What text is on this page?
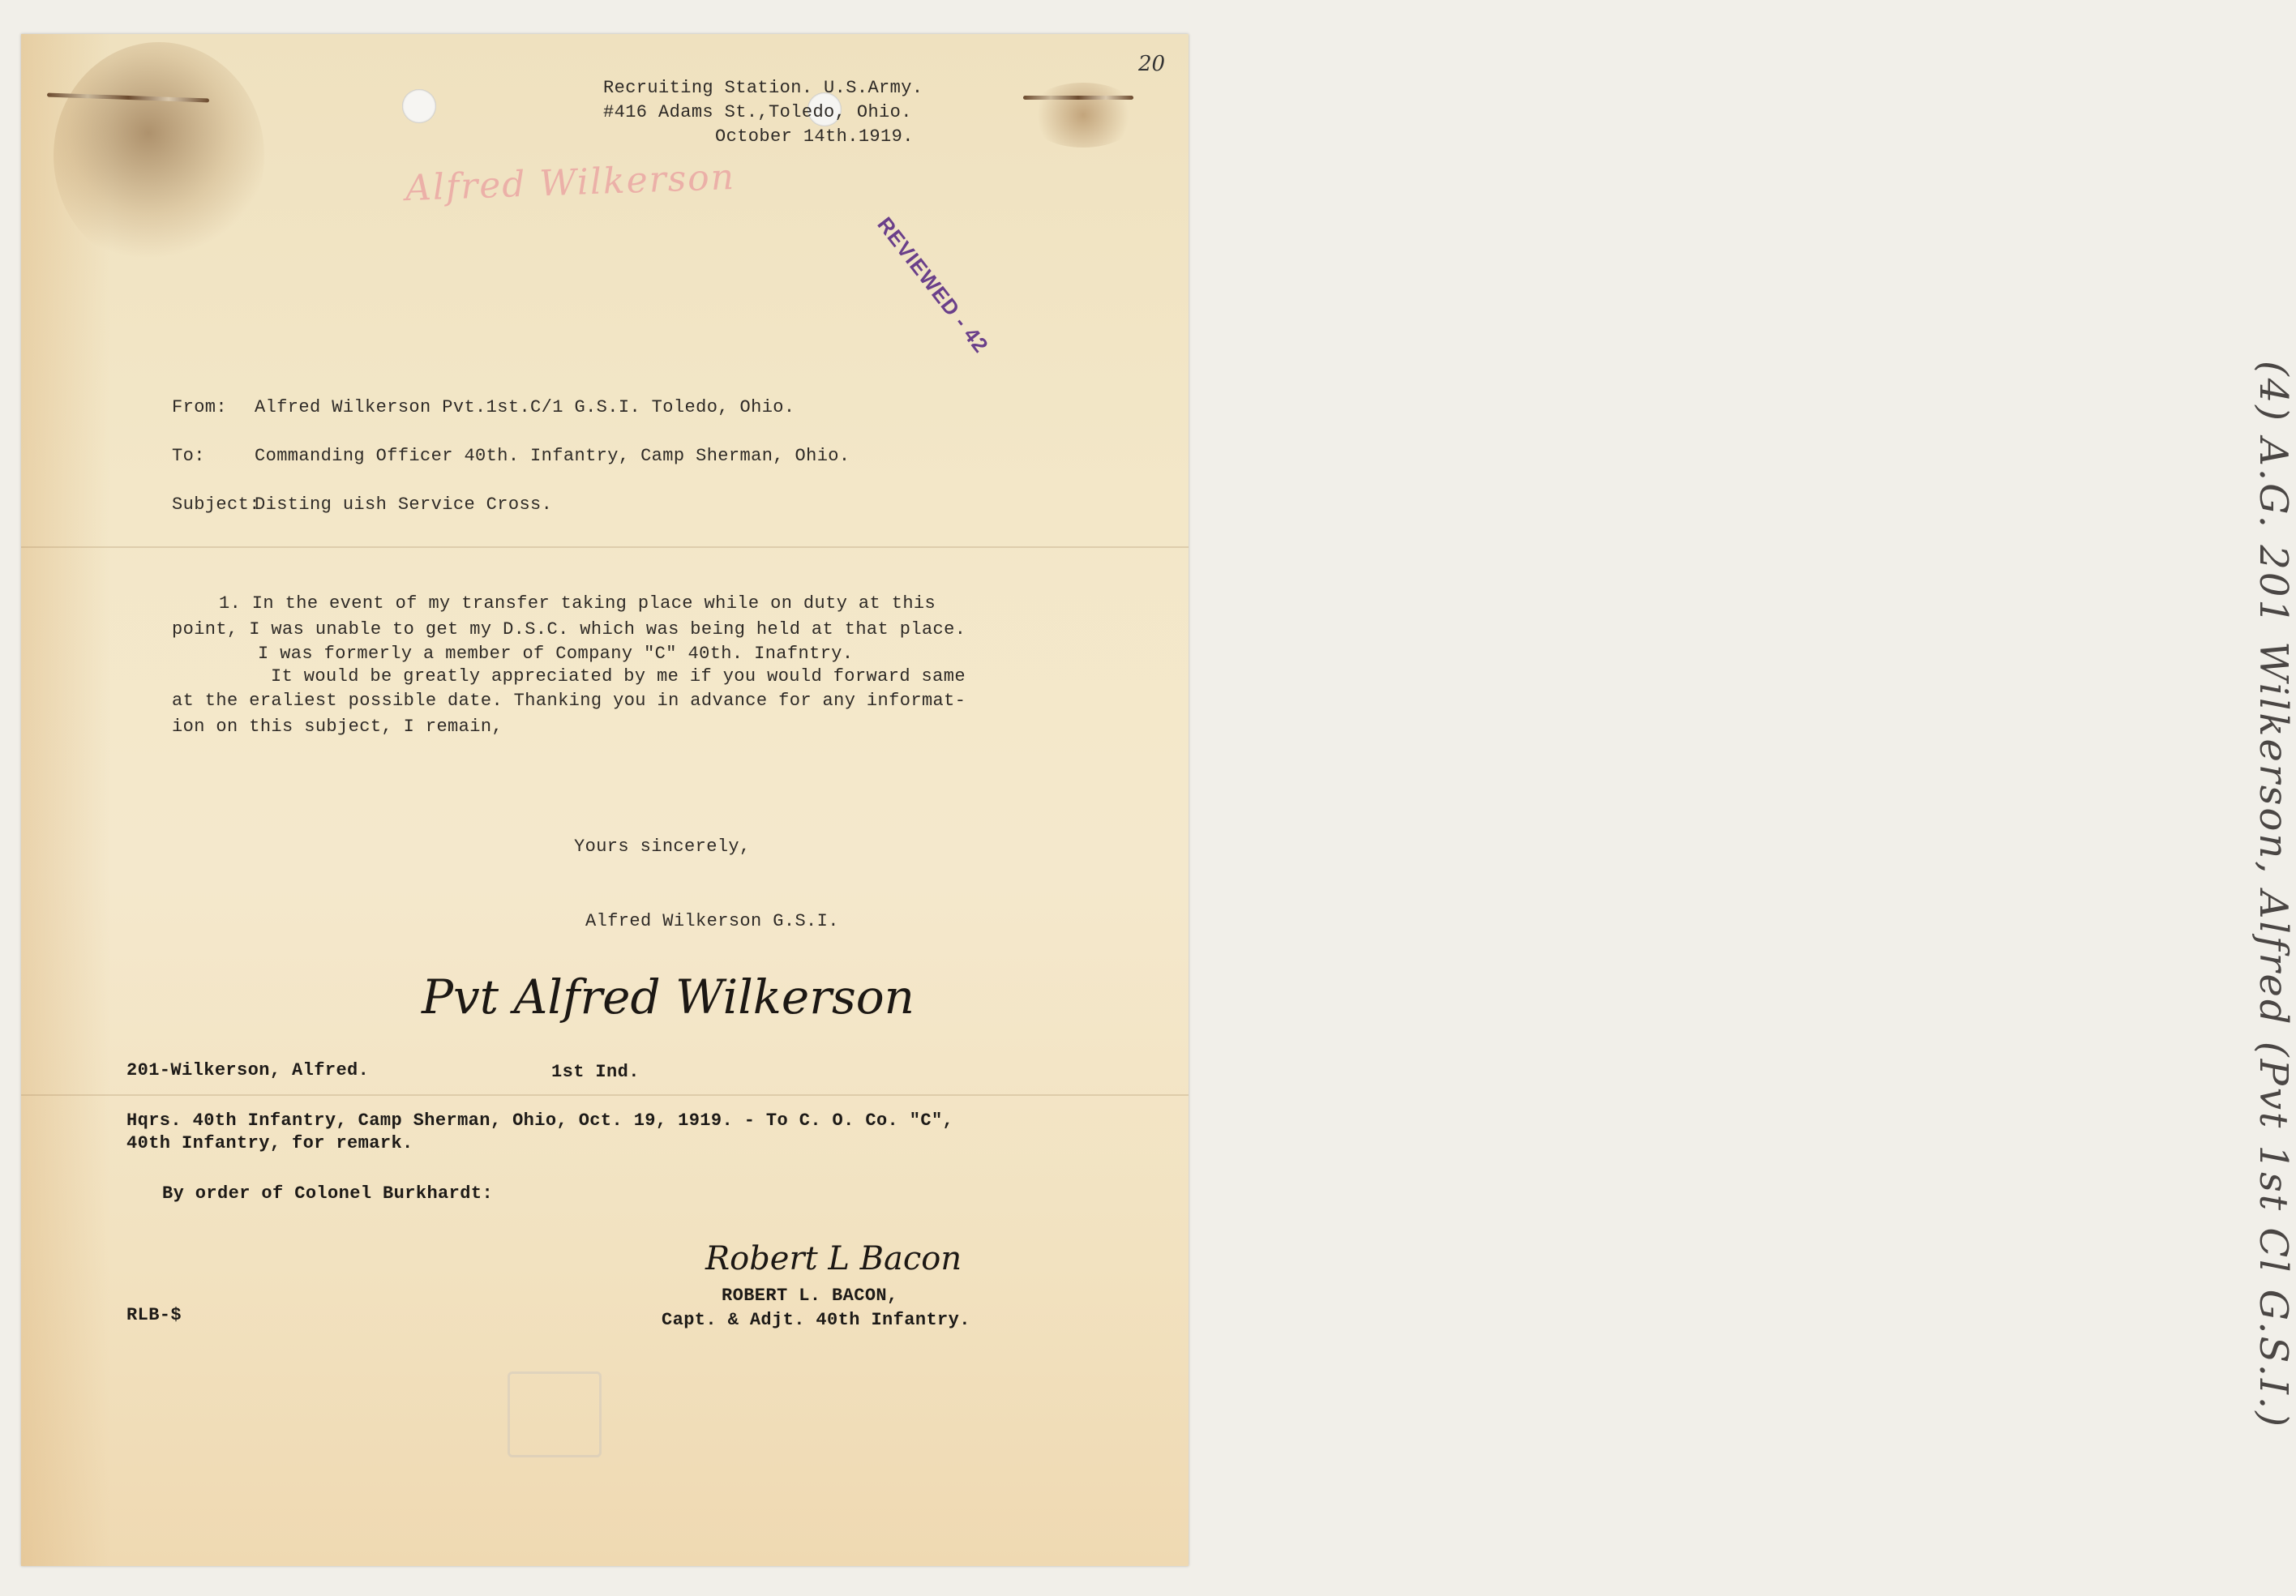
Alfred Wilkerson
REVIEWED - 42
20
Recruiting Station. U.S.Army.
#416 Adams St.,Toledo, Ohio.
October 14th.1919.
From: Alfred Wilkerson Pvt.1st.C/1 G.S.I. Toledo, Ohio.
To:	Commanding Officer 40th. Infantry, Camp Sherman, Ohio.
Subject:Disting uish Service Cross.
1. In the event of my transfer taking place while on duty at this
point, I was unable to get my D.S.C. which was being held at that place.
I was formerly a member of Company "C" 40th. Inafntry.
It would be greatly appreciated by me if you would forward same
at the eraliest possible date. Thanking you in advance for any informat-
ion on this subject, I remain,
Yours sincerely,
Alfred Wilkerson G.S.I.
Pvt Alfred Wilkerson
201-Wilkerson, Alfred.	1st Ind.
Hqrs. 40th Infantry, Camp Sherman, Ohio, Oct. 19, 1919. - To C. O. Co. "C",
40th Infantry, for remark.
By order of Colonel Burkhardt:
Robert L Bacon
ROBERT L. BACON,
Capt. & Adjt. 40th Infantry.
RLB-$	(4) A.G. 201 Wilkerson, Alfred (Pvt 1st Cl G.S.I.)
